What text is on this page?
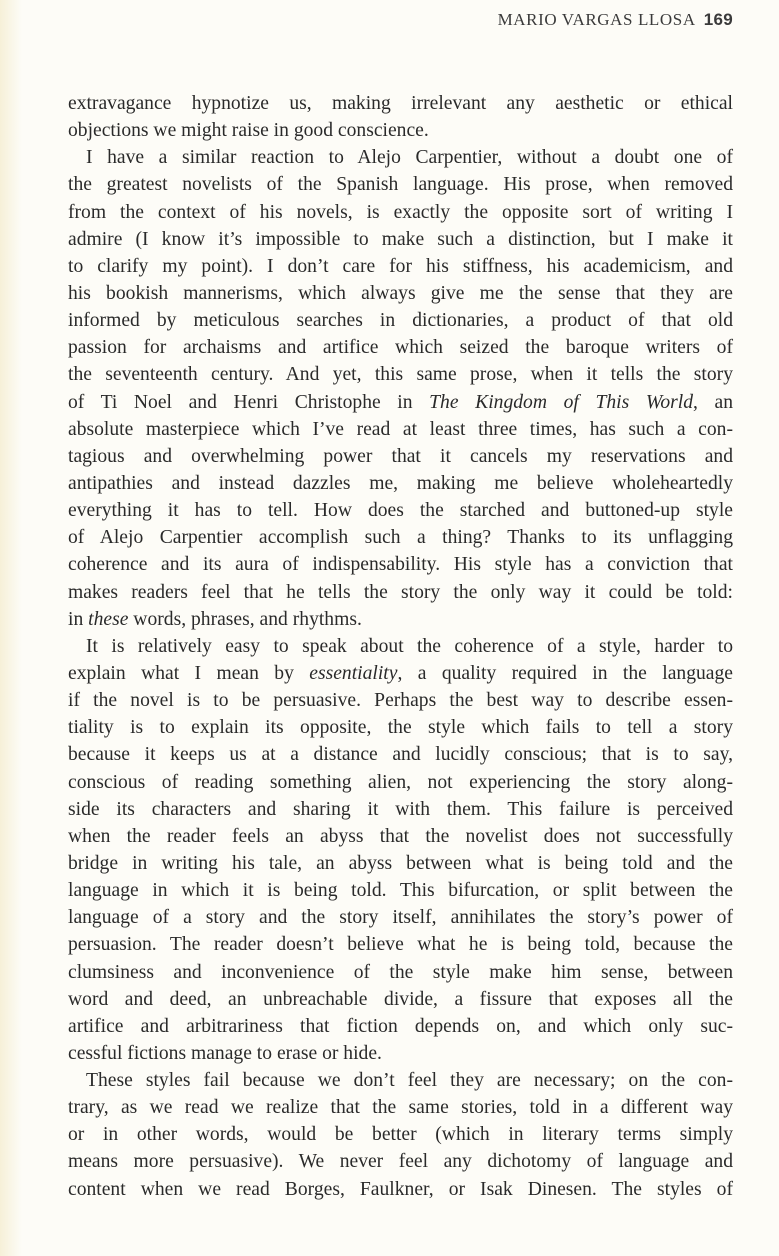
MARIO VARGAS LLOSA 169
extravagance hypnotize us, making irrelevant any aesthetic or ethical
objections we might raise in good conscience.
I have a similar reaction to Alejo Carpentier, without a doubt one of
the greatest novelists of the Spanish language. His prose, when removed
from the context of his novels, is exactly the opposite sort of writing I
admire (I know it’s impossible to make such a distinction, but I make it
to clarify my point). I don’t care for his stiffness, his academicism, and
his bookish mannerisms, which always give me the sense that they are
informed by meticulous searches in dictionaries, a product of that old
passion for archaisms and artifice which seized the baroque writers of
the seventeenth century. And yet, this same prose, when it tells the story
of Ti Noel and Henri Christophe in The Kingdom of This World, an
absolute masterpiece which I’ve read at least three times, has such a con-
tagious and overwhelming power that it cancels my reservations and
antipathies and instead dazzles me, making me believe wholeheartedly
everything it has to tell. How does the starched and buttoned-up style
of Alejo Carpentier accomplish such a thing? Thanks to its unflagging
coherence and its aura of indispensability. His style has a conviction that
makes readers feel that he tells the story the only way it could be told:
in these words, phrases, and rhythms.
It is relatively easy to speak about the coherence of a style, harder to
explain what I mean by essentiality, a quality required in the language
if the novel is to be persuasive. Perhaps the best way to describe essen-
tiality is to explain its opposite, the style which fails to tell a story
because it keeps us at a distance and lucidly conscious; that is to say,
conscious of reading something alien, not experiencing the story along-
side its characters and sharing it with them. This failure is perceived
when the reader feels an abyss that the novelist does not successfully
bridge in writing his tale, an abyss between what is being told and the
language in which it is being told. This bifurcation, or split between the
language of a story and the story itself, annihilates the story’s power of
persuasion. The reader doesn’t believe what he is being told, because the
clumsiness and inconvenience of the style make him sense, between
word and deed, an unbreachable divide, a fissure that exposes all the
artifice and arbitrariness that fiction depends on, and which only suc-
cessful fictions manage to erase or hide.
These styles fail because we don’t feel they are necessary; on the con-
trary, as we read we realize that the same stories, told in a different way
or in other words, would be better (which in literary terms simply
means more persuasive). We never feel any dichotomy of language and
content when we read Borges, Faulkner, or Isak Dinesen. The styles of
